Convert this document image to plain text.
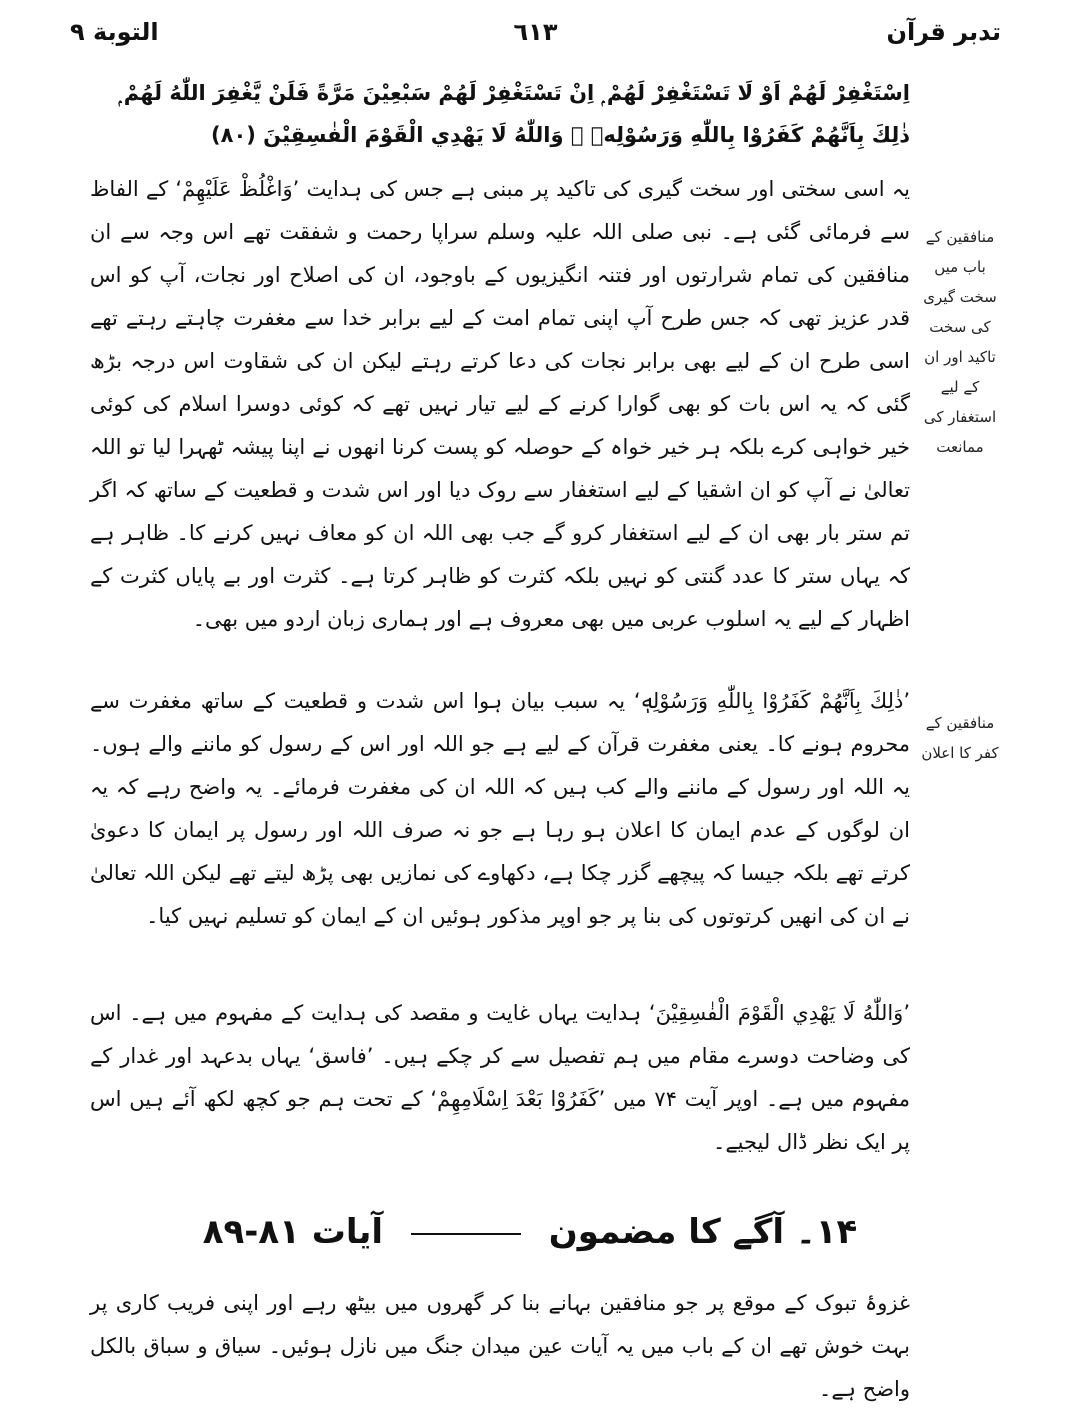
تدبر قرآن
٦١٣
التوبة ٩
اِسْتَغْفِرْ لَهُمْ اَوْ لَا تَسْتَغْفِرْ لَهُمْ ۭ اِنْ تَسْتَغْفِرْ لَهُمْ سَبْعِيْنَ مَرَّةً فَلَنْ يَّغْفِرَ اللّٰهُ لَهُمْ ۭ
ذٰلِكَ بِاَنَّهُمْ كَفَرُوْا بِاللّٰهِ وَرَسُوْلِهٖ ۭ وَاللّٰهُ لَا يَهْدِي الْقَوْمَ الْفٰسِقِيْنَ (۸۰)

یہ اسی سختی اور سخت گیری کی تاکید پر مبنی ہے جس کی ہدایت ’وَاغْلُظْ عَلَيْهِمْ‘ کے الفاظ سے فرمائی گئی ہے۔ نبی صلی اللہ علیہ وسلم سراپا رحمت و شفقت تھے اس وجہ سے ان منافقین کی تمام شرارتوں اور فتنہ انگیزیوں کے باوجود، ان کی اصلاح اور نجات، آپ کو اس قدر عزیز تھی کہ جس طرح آپ اپنی تمام امت کے لیے برابر خدا سے مغفرت چاہتے رہتے تھے اسی طرح ان کے لیے بھی برابر نجات کی دعا کرتے رہتے لیکن ان کی شقاوت اس درجہ بڑھ گئی کہ یہ اس بات کو بھی گوارا کرنے کے لیے تیار نہیں تھے کہ کوئی دوسرا اسلام کی کوئی خیر خواہی کرے بلکہ ہر خیر خواہ کے حوصلہ کو پست کرنا انھوں نے اپنا پیشہ ٹھہرا لیا تو اللہ تعالیٰ نے آپ کو ان اشقیا کے لیے استغفار سے روک دیا اور اس شدت و قطعیت کے ساتھ کہ اگر تم ستر بار بھی ان کے لیے استغفار کرو گے جب بھی اللہ ان کو معاف نہیں کرنے کا۔ ظاہر ہے کہ یہاں ستر کا عدد گنتی کو نہیں بلکہ کثرت کو ظاہر کرتا ہے۔ کثرت اور بے پایاں کثرت کے اظہار کے لیے یہ اسلوب عربی میں بھی معروف ہے اور ہماری زبان اردو میں بھی۔

منافقین کے باب میں سخت گیری کی سخت تاکید اور ان کے لیے استغفار کی ممانعت

’ذٰلِكَ بِاَنَّهُمْ كَفَرُوْا بِاللّٰهِ وَرَسُوْلِهٖ‘ یہ سبب بیان ہوا اس شدت و قطعیت کے ساتھ مغفرت سے محروم ہونے کا۔ یعنی مغفرت قرآن کے لیے ہے جو اللہ اور اس کے رسول کو ماننے والے ہوں۔ یہ اللہ اور رسول کے ماننے والے کب ہیں کہ اللہ ان کی مغفرت فرمائے۔ یہ واضح رہے کہ یہ ان لوگوں کے عدم ایمان کا اعلان ہو رہا ہے جو نہ صرف اللہ اور رسول پر ایمان کا دعویٰ کرتے تھے بلکہ جیسا کہ پیچھے گزر چکا ہے، دکھاوے کی نمازیں بھی پڑھ لیتے تھے لیکن اللہ تعالیٰ نے ان کی انھیں کرتوتوں کی بنا پر جو اوپر مذکور ہوئیں ان کے ایمان کو تسلیم نہیں کیا۔

منافقین کے کفر کا اعلان

’وَاللّٰهُ لَا يَهْدِي الْقَوْمَ الْفٰسِقِيْنَ‘ ہدایت یہاں غایت و مقصد کی ہدایت کے مفہوم میں ہے۔ اس کی وضاحت دوسرے مقام میں ہم تفصیل سے کر چکے ہیں۔ ’فاسق‘ یہاں بدعہد اور غدار کے مفہوم میں ہے۔ اوپر آیت ۷۴ میں ’كَفَرُوْا بَعْدَ اِسْلَامِهِمْ‘ کے تحت ہم جو کچھ لکھ آئے ہیں اس پر ایک نظر ڈال لیجیے۔

۱۴۔ آگے کا مضمون  آیات ۸۱-۸۹

غزوۂ تبوک کے موقع پر جو منافقین بہانے بنا کر گھروں میں بیٹھ رہے اور اپنی فریب کاری پر بہت خوش تھے ان کے باب میں یہ آیات عین میدان جنگ میں نازل ہوئیں۔ سیاق و سباق بالکل واضح ہے۔
